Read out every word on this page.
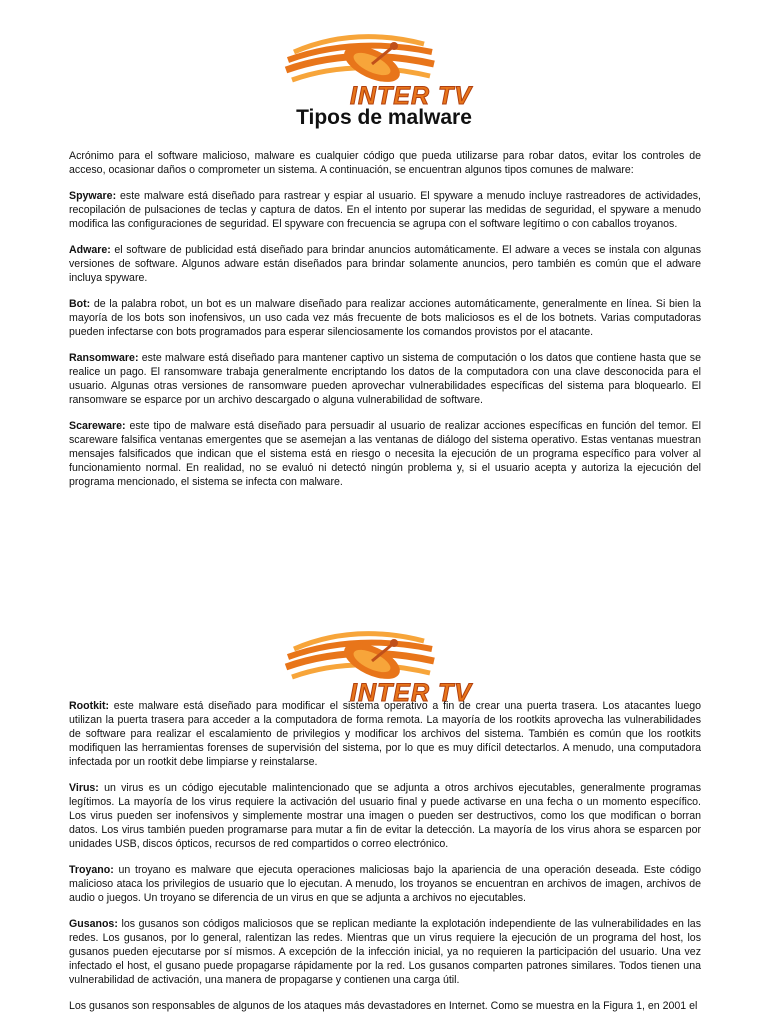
INTER TV
Tipos de malware

Acrónimo para el software malicioso, malware es cualquier código que pueda utilizarse para robar datos, evitar los controles de acceso, ocasionar daños o comprometer un sistema. A continuación, se encuentran algunos tipos comunes de malware:

Spyware: este malware está diseñado para rastrear y espiar al usuario. El spyware a menudo incluye rastreadores de actividades, recopilación de pulsaciones de teclas y captura de datos. En el intento por superar las medidas de seguridad, el spyware a menudo modifica las configuraciones de seguridad. El spyware con frecuencia se agrupa con el software legítimo o con caballos troyanos.

Adware: el software de publicidad está diseñado para brindar anuncios automáticamente. El adware a veces se instala con algunas versiones de software. Algunos adware están diseñados para brindar solamente anuncios, pero también es común que el adware incluya spyware.

Bot: de la palabra robot, un bot es un malware diseñado para realizar acciones automáticamente, generalmente en línea. Si bien la mayoría de los bots son inofensivos, un uso cada vez más frecuente de bots maliciosos es el de los botnets. Varias computadoras pueden infectarse con bots programados para esperar silenciosamente los comandos provistos por el atacante.

Ransomware: este malware está diseñado para mantener captivo un sistema de computación o los datos que contiene hasta que se realice un pago. El ransomware trabaja generalmente encriptando los datos de la computadora con una clave desconocida para el usuario. Algunas otras versiones de ransomware pueden aprovechar vulnerabilidades específicas del sistema para bloquearlo. El ransomware se esparce por un archivo descargado o alguna vulnerabilidad de software.

Scareware: este tipo de malware está diseñado para persuadir al usuario de realizar acciones específicas en función del temor. El scareware falsifica ventanas emergentes que se asemejan a las ventanas de diálogo del sistema operativo. Estas ventanas muestran mensajes falsificados que indican que el sistema está en riesgo o necesita la ejecución de un programa específico para volver al funcionamiento normal. En realidad, no se evaluó ni detectó ningún problema y, si el usuario acepta y autoriza la ejecución del programa mencionado, el sistema se infecta con malware.

INTER TV

Rootkit: este malware está diseñado para modificar el sistema operativo a fin de crear una puerta trasera. Los atacantes luego utilizan la puerta trasera para acceder a la computadora de forma remota. La mayoría de los rootkits aprovecha las vulnerabilidades de software para realizar el escalamiento de privilegios y modificar los archivos del sistema. También es común que los rootkits modifiquen las herramientas forenses de supervisión del sistema, por lo que es muy difícil detectarlos. A menudo, una computadora infectada por un rootkit debe limpiarse y reinstalarse.

Virus: un virus es un código ejecutable malintencionado que se adjunta a otros archivos ejecutables, generalmente programas legítimos. La mayoría de los virus requiere la activación del usuario final y puede activarse en una fecha o un momento específico. Los virus pueden ser inofensivos y simplemente mostrar una imagen o pueden ser destructivos, como los que modifican o borran datos. Los virus también pueden programarse para mutar a fin de evitar la detección. La mayoría de los virus ahora se esparcen por unidades USB, discos ópticos, recursos de red compartidos o correo electrónico.

Troyano: un troyano es malware que ejecuta operaciones maliciosas bajo la apariencia de una operación deseada. Este código malicioso ataca los privilegios de usuario que lo ejecutan. A menudo, los troyanos se encuentran en archivos de imagen, archivos de audio o juegos. Un troyano se diferencia de un virus en que se adjunta a archivos no ejecutables.

Gusanos: los gusanos son códigos maliciosos que se replican mediante la explotación independiente de las vulnerabilidades en las redes. Los gusanos, por lo general, ralentizan las redes. Mientras que un virus requiere la ejecución de un programa del host, los gusanos pueden ejecutarse por sí mismos. A excepción de la infección inicial, ya no requieren la participación del usuario. Una vez infectado el host, el gusano puede propagarse rápidamente por la red. Los gusanos comparten patrones similares. Todos tienen una vulnerabilidad de activación, una manera de propagarse y contienen una carga útil.

Los gusanos son responsables de algunos de los ataques más devastadores en Internet. Como se muestra en la Figura 1, en 2001 el
